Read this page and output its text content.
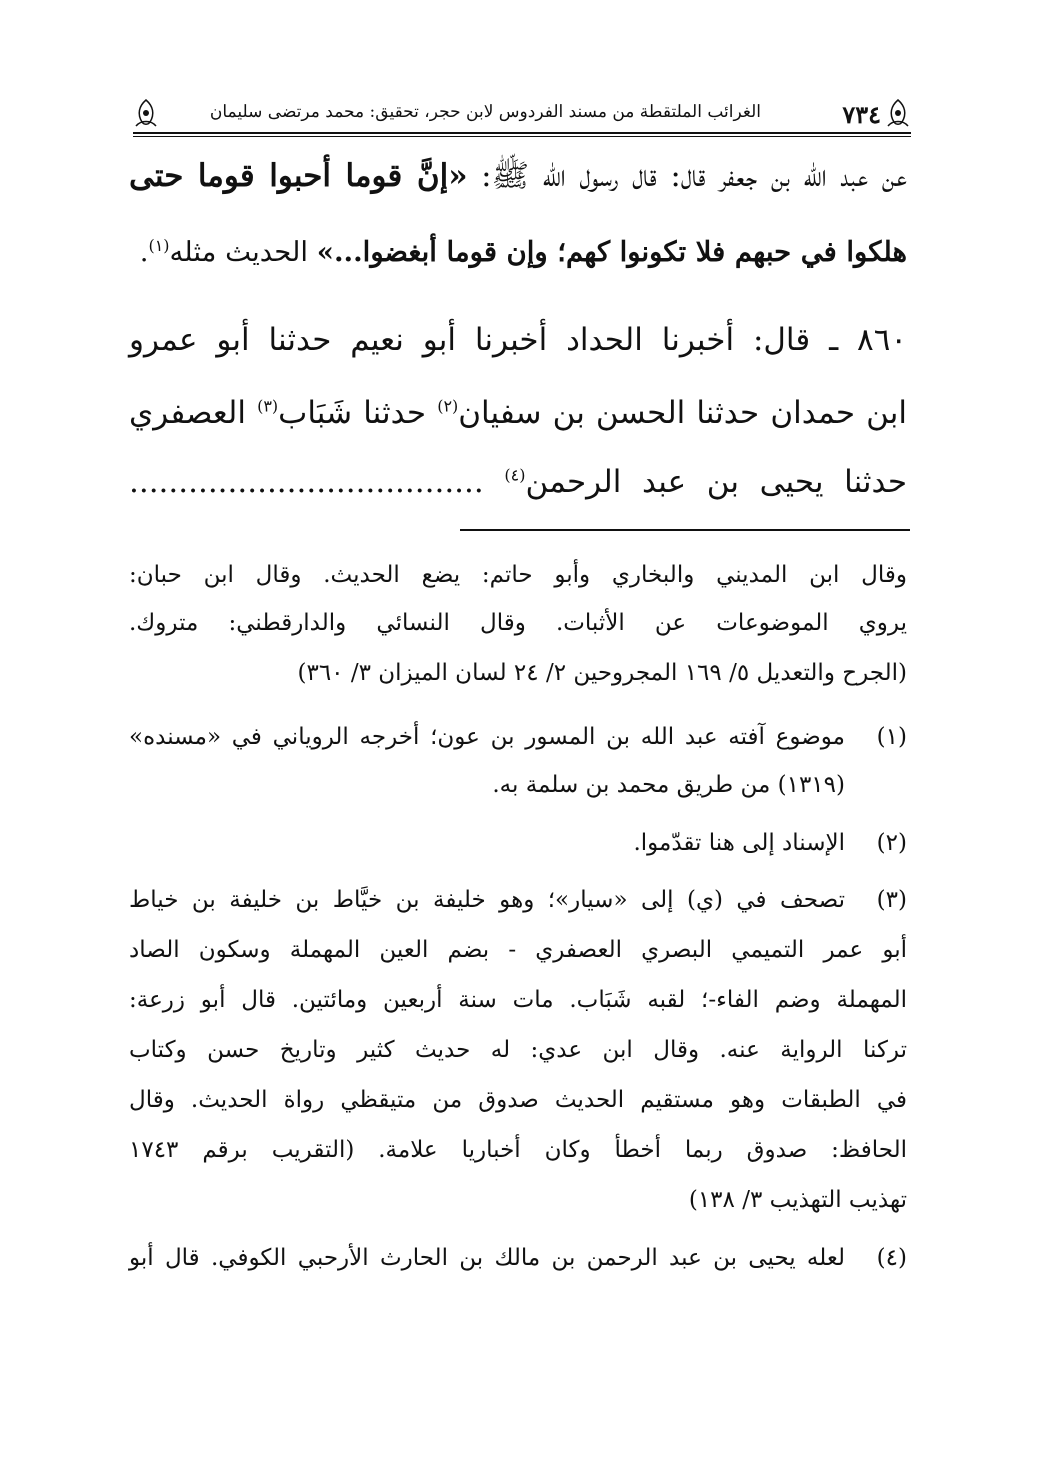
٧٣٤
الغرائب الملتقطة من مسند الفردوس لابن حجر، تحقيق: محمد مرتضى سليمان
عن عبد الله بن جعفر قال: قال رسول الله ﷺ: «إنَّ قوما أحبوا قوما حتى
هلكوا في حبهم فلا تكونوا كهم؛ وإن قوما أبغضوا...» الحديث مثله$^{(١)}$.
٨٦٠ ـ قال: أخبرنا الحداد أخبرنا أبو نعيم حدثنا أبو عمرو
ابن حمدان حدثنا الحسن بن سفيان$^{(٢)}$ حدثنا شَبَاب$^{(٣)}$ العصفري
حدثنا يحيى بن عبد الرحمن$^{(٤)}$ ....................................
وقال ابن المديني والبخاري وأبو حاتم: يضع الحديث. وقال ابن حبان:
يروي الموضوعات عن الأثبات. وقال النسائي والدارقطني: متروك.
(الجرح والتعديل ٥/ ١٦٩ المجروحين ٢/ ٢٤ لسان الميزان ٣/ ٣٦٠)
(١)
موضوع آفته عبد الله بن المسور بن عون؛ أخرجه الروياني في «مسنده»
(١٣١٩) من طريق محمد بن سلمة به.
(٢)
الإسناد إلى هنا تقدّموا.
(٣)
تصحف في (ي) إلى «سيار»؛ وهو خليفة بن خيَّاط بن خليفة بن خياط
أبو عمر التميمي البصري العصفري - بضم العين المهملة وسكون الصاد
المهملة وضم الفاء-؛ لقبه شَبَاب. مات سنة أربعين ومائتين. قال أبو زرعة:
تركنا الرواية عنه. وقال ابن عدي: له حديث كثير وتاريخ حسن وكتاب
في الطبقات وهو مستقيم الحديث صدوق من متيقظي رواة الحديث. وقال
الحافظ: صدوق ربما أخطأ وكان أخباريا علامة. (التقريب برقم ١٧٤٣
تهذيب التهذيب ٣/ ١٣٨)
(٤)
لعله يحيى بن عبد الرحمن بن مالك بن الحارث الأرحبي الكوفي. قال أبو
